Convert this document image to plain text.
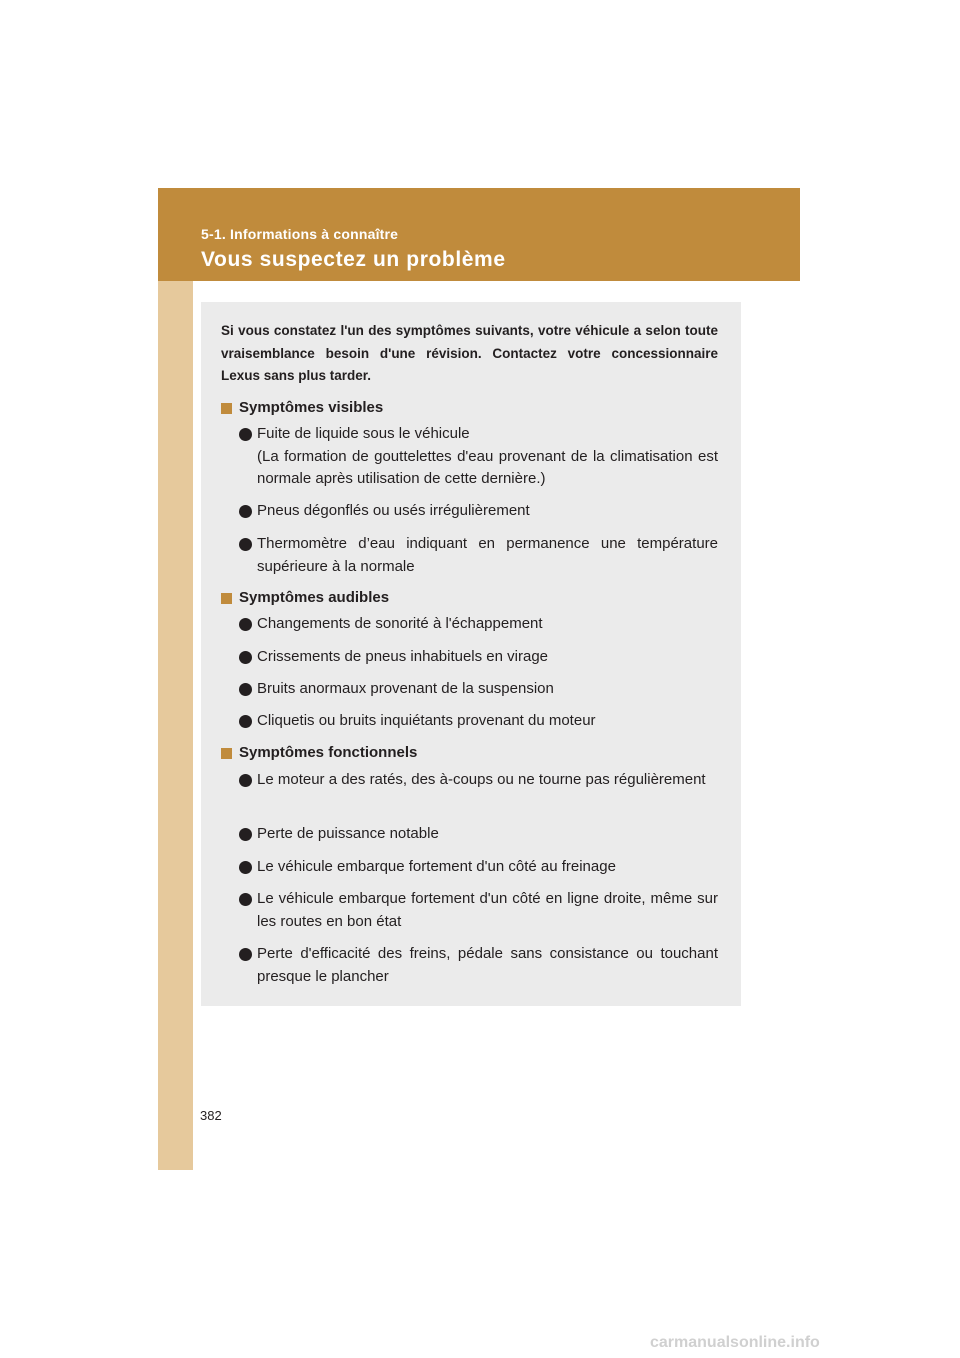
5-1. Informations à connaître
Vous suspectez un problème

Si vous constatez l'un des symptômes suivants, votre véhicule a selon toute vraisemblance besoin d'une révision. Contactez votre concessionnaire Lexus sans plus tarder.

Symptômes visibles
Fuite de liquide sous le véhicule

(La formation de gouttelettes d'eau provenant de la climatisation est normale après utilisation de cette dernière.)
Pneus dégonflés ou usés irrégulièrement
Thermomètre d’eau indiquant en permanence une température supérieure à la normale
Symptômes audibles
Changements de sonorité à l'échappement
Crissements de pneus inhabituels en virage
Bruits anormaux provenant de la suspension
Cliquetis ou bruits inquiétants provenant du moteur
Symptômes fonctionnels
Le moteur a des ratés, des à-coups ou ne tourne pas régulièrement
Perte de puissance notable
Le véhicule embarque fortement d'un côté au freinage
Le véhicule embarque fortement d'un côté en ligne droite, même sur les routes en bon état
Perte d'efficacité des freins, pédale sans consistance ou touchant presque le plancher
382
carmanualsonline.info
